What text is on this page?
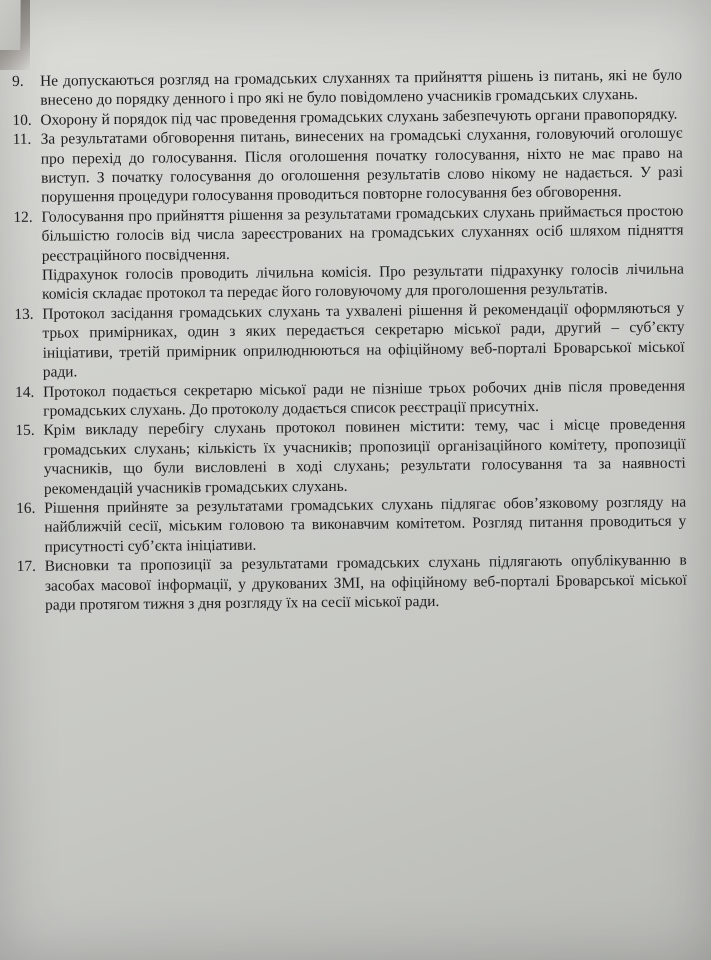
9.	Не допускаються розгляд на громадських слуханнях та прийняття рішень із питань, які не було внесено до порядку денного і про які не було повідомлено учасників громадських слухань.
10. Охорону й порядок під час проведення громадських слухань забезпечують органи правопорядку.
11. За результатами обговорення питань, винесених на громадські слухання, головуючий оголошує про перехід до голосування. Після оголошення початку голосування, ніхто не має право на виступ. З початку голосування до оголошення результатів слово нікому не надається. У разі порушення процедури голосування проводиться повторне голосування без обговорення.
12. Голосування про прийняття рішення за результатами громадських слухань приймається простою більшістю голосів від числа зареєстрованих на громадських слуханнях осіб шляхом підняття реєстраційного посвідчення.

Підрахунок голосів проводить лічильна комісія. Про результати підрахунку голосів лічильна комісія складає протокол та передає його головуючому для проголошення результатів.

13. Протокол засідання громадських слухань та ухвалені рішення й рекомендації оформляються у трьох примірниках, один з яких передається секретарю міської ради, другий – суб’єкту ініціативи, третій примірник оприлюднюються на офіційному веб-порталі Броварської міської ради.
14. Протокол подається секретарю міської ради не пізніше трьох робочих днів після проведення громадських слухань. До протоколу додається список реєстрації присутніх.
15. Крім викладу перебігу слухань протокол повинен містити: тему, час і місце проведення громадських слухань; кількість їх учасників; пропозиції організаційного комітету, пропозиції учасників, що були висловлені в ході слухань; результати голосування та за наявності рекомендацій учасників громадських слухань.
16. Рішення прийняте за результатами громадських слухань підлягає обов’язковому розгляду на найближчій сесії, міським головою та виконавчим комітетом. Розгляд питання проводиться у присутності суб’єкта ініціативи.
17. Висновки та пропозиції за результатами громадських слухань підлягають опублікуванню в засобах масової інформації, у друкованих ЗМІ, на офіційному веб-порталі Броварської міської ради протягом тижня з дня розгляду їх на сесії міської ради.
